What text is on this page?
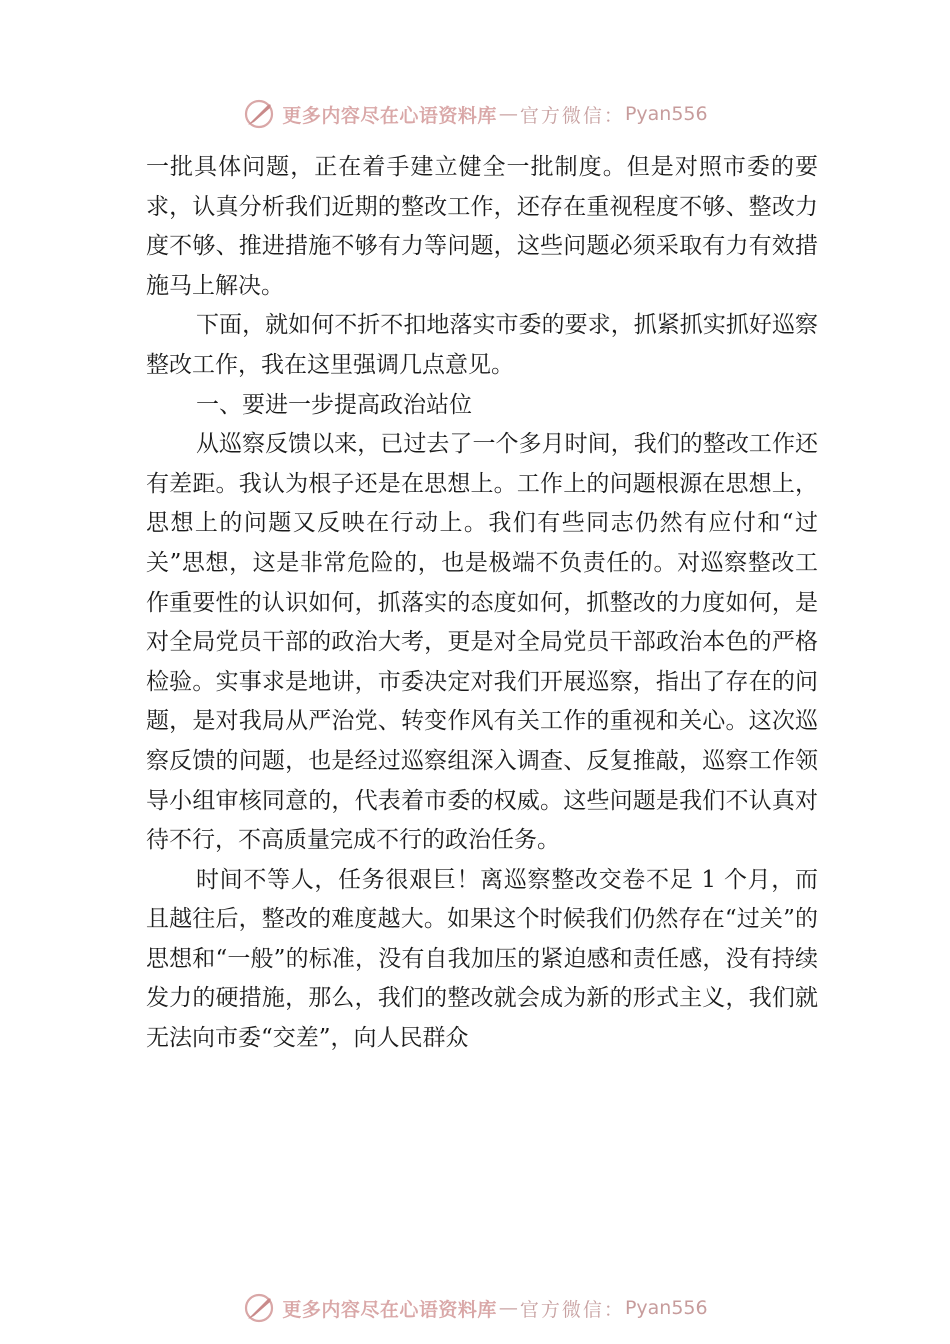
更多内容尽在心语资料库 — 官方微信： Pyan556

一批具体问题，正在着手建立健全一批制度。但是对照市委的要求，认真分析我们近期的整改工作，还存在重视程度不够、整改力度不够、推进措施不够有力等问题，这些问题必须采取有力有效措施马上解决。

下面，就如何不折不扣地落实市委的要求，抓紧抓实抓好巡察整改工作，我在这里强调几点意见。

一、要进一步提高政治站位

从巡察反馈以来，已过去了一个多月时间，我们的整改工作还有差距。我认为根子还是在思想上。工作上的问题根源在思想上，思想上的问题又反映在行动上。我们有些同志仍然有应付和“过关”思想，这是非常危险的，也是极端不负责任的。对巡察整改工作重要性的认识如何，抓落实的态度如何，抓整改的力度如何，是对全局党员干部的政治大考，更是对全局党员干部政治本色的严格检验。实事求是地讲，市委决定对我们开展巡察，指出了存在的问题，是对我局从严治党、转变作风有关工作的重视和关心。这次巡察反馈的问题，也是经过巡察组深入调查、反复推敲，巡察工作领导小组审核同意的，代表着市委的权威。这些问题是我们不认真对待不行，不高质量完成不行的政治任务。

时间不等人，任务很艰巨！离巡察整改交卷不足 1 个月，而且越往后，整改的难度越大。如果这个时候我们仍然存在“过关”的思想和“一般”的标准，没有自我加压的紧迫感和责任感，没有持续发力的硬措施，那么，我们的整改就会成为新的形式主义，我们就无法向市委“交差”，向人民群众

更多内容尽在心语资料库 — 官方微信： Pyan556
